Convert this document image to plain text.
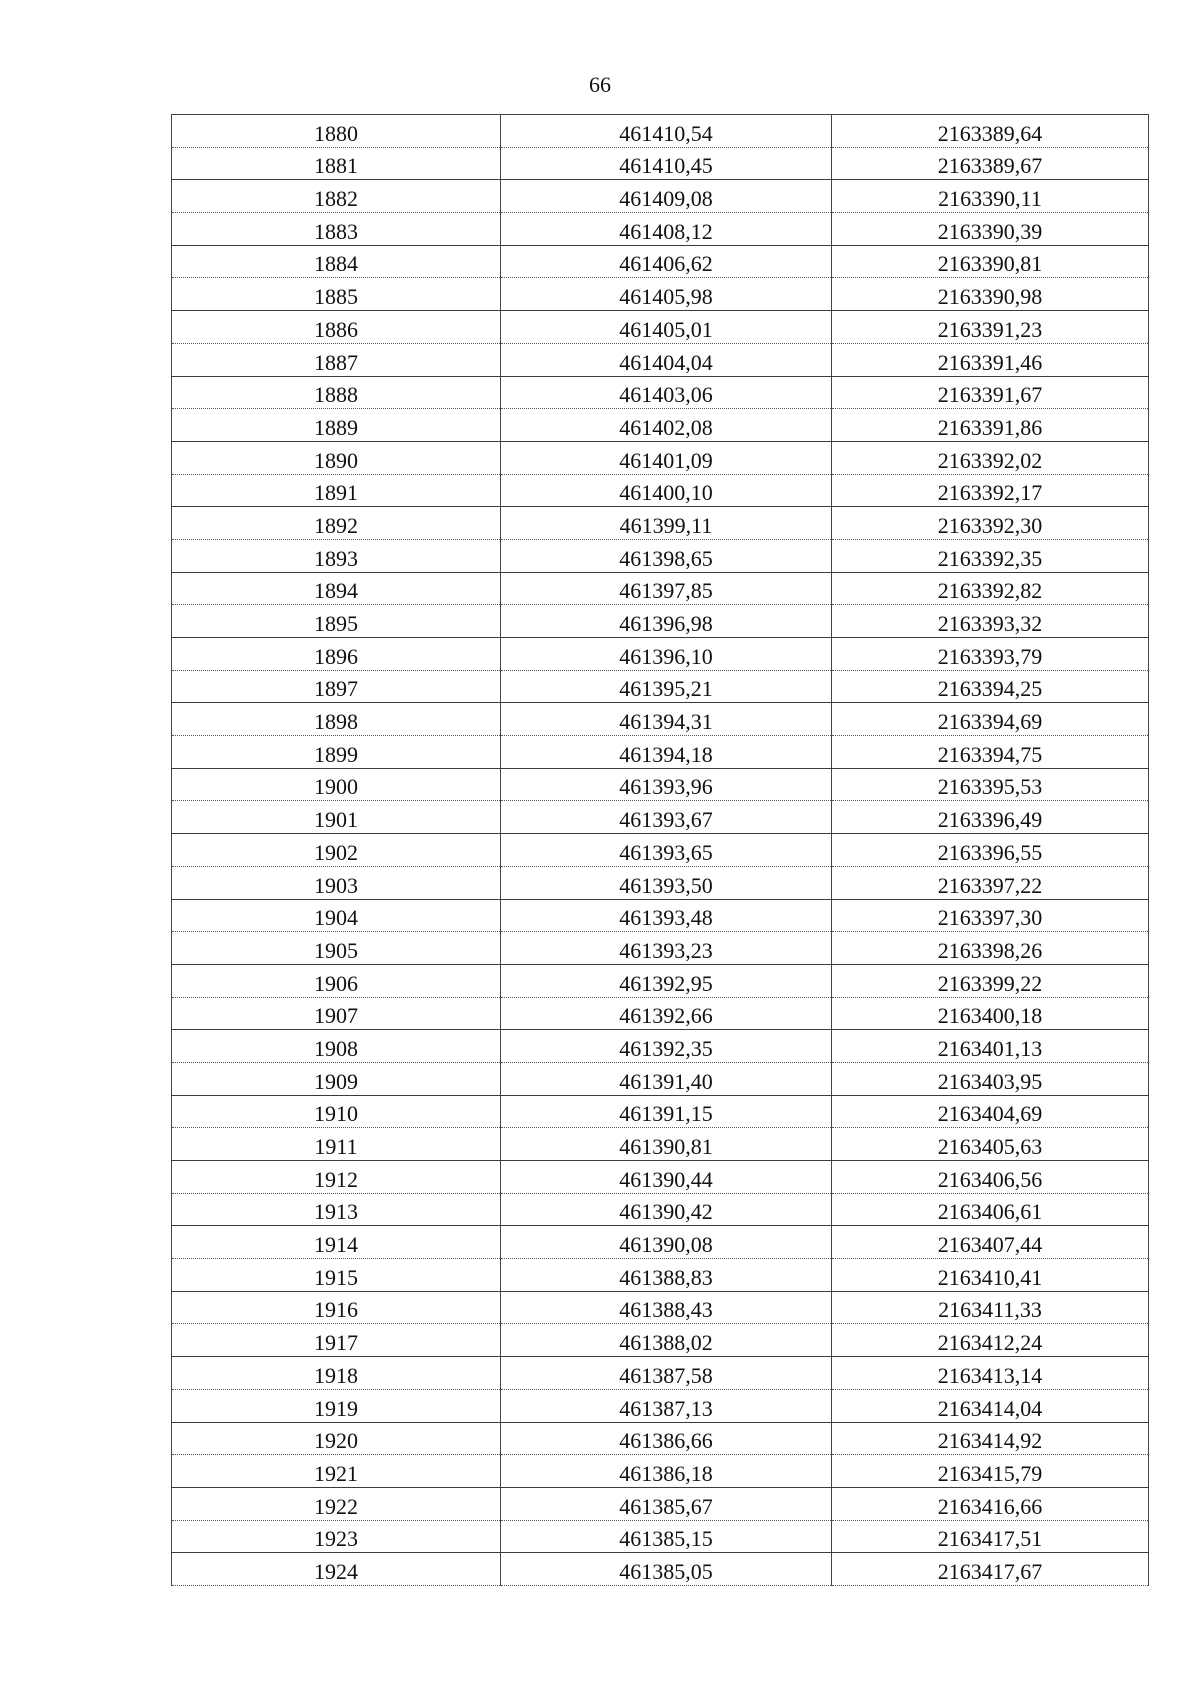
66
1880	461410,54	2163389,64
1881	461410,45	2163389,67
1882	461409,08	2163390,11
1883	461408,12	2163390,39
1884	461406,62	2163390,81
1885	461405,98	2163390,98
1886	461405,01	2163391,23
1887	461404,04	2163391,46
1888	461403,06	2163391,67
1889	461402,08	2163391,86
1890	461401,09	2163392,02
1891	461400,10	2163392,17
1892	461399,11	2163392,30
1893	461398,65	2163392,35
1894	461397,85	2163392,82
1895	461396,98	2163393,32
1896	461396,10	2163393,79
1897	461395,21	2163394,25
1898	461394,31	2163394,69
1899	461394,18	2163394,75
1900	461393,96	2163395,53
1901	461393,67	2163396,49
1902	461393,65	2163396,55
1903	461393,50	2163397,22
1904	461393,48	2163397,30
1905	461393,23	2163398,26
1906	461392,95	2163399,22
1907	461392,66	2163400,18
1908	461392,35	2163401,13
1909	461391,40	2163403,95
1910	461391,15	2163404,69
1911	461390,81	2163405,63
1912	461390,44	2163406,56
1913	461390,42	2163406,61
1914	461390,08	2163407,44
1915	461388,83	2163410,41
1916	461388,43	2163411,33
1917	461388,02	2163412,24
1918	461387,58	2163413,14
1919	461387,13	2163414,04
1920	461386,66	2163414,92
1921	461386,18	2163415,79
1922	461385,67	2163416,66
1923	461385,15	2163417,51
1924	461385,05	2163417,67
